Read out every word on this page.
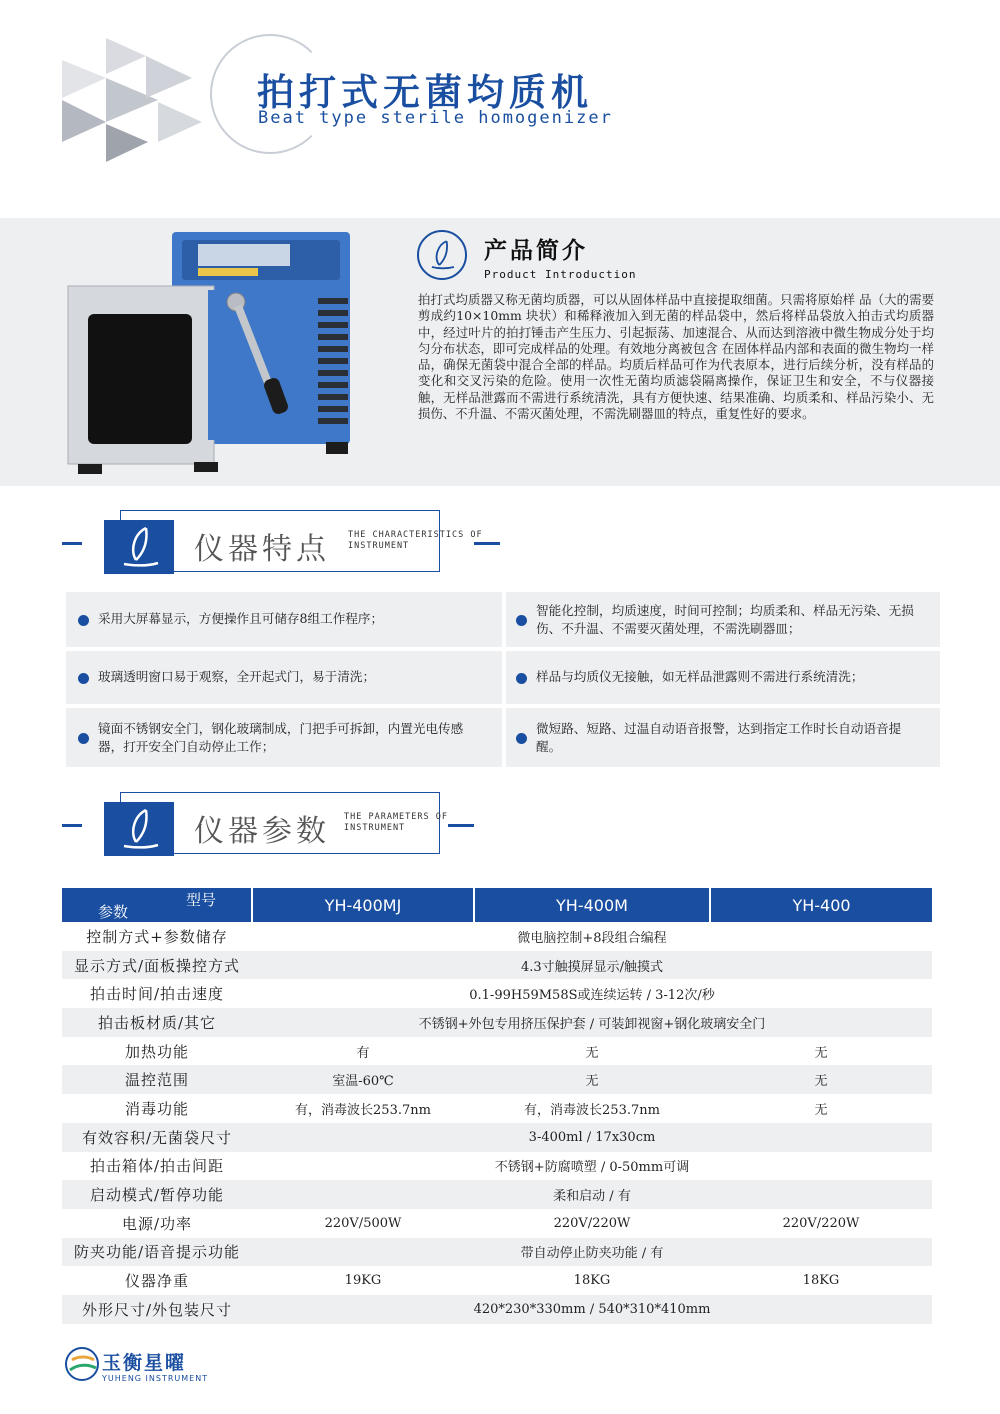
拍打式无菌均质机
Beat type sterile homogenizer
产品简介
Product Introduction
拍打式均质器又称无菌均质器，可以从固体样品中直接提取细菌。只需将原始样 品（大的需要剪成约10×10mm 块状）和稀释液加入到无菌的样品袋中，然后将样品袋放入拍击式均质器中，经过叶片的拍打锤击产生压力、引起振荡、加速混合、从而达到溶液中微生物成分处于均匀分布状态，即可完成样品的处理。有效地分离被包含 在固体样品内部和表面的微生物均一样品，确保无菌袋中混合全部的样品。均质后样品可作为代表原本，进行后续分析，没有样品的变化和交叉污染的危险。使用一次性无菌均质滤袋隔离操作，保证卫生和安全，不与仪器接触，无样品泄露而不需进行系统清洗，具有方便快速、结果准确、均质柔和、样品污染小、无损伤、不升温、不需灭菌处理，不需洗刷器皿的特点，重复性好的要求。
仪器特点 THE CHARACTERISTICS OF
INSTRUMENT
采用大屏幕显示，方便操作且可储存8组工作程序；
智能化控制，均质速度，时间可控制；均质柔和、样品无污染、无损伤、不升温、不需要灭菌处理，不需洗刷器皿；
玻璃透明窗口易于观察，全开起式门，易于清洗；	样品与均质仪无接触，如无样品泄露则不需进行系统清洗；
镜面不锈钢安全门，钢化玻璃制成，门把手可拆卸，内置光电传感器，打开安全门自动停止工作；
微短路、短路、过温自动语音报警，达到指定工作时长自动语音提醒。
仪器参数 THE PARAMETERS OF
INSTRUMENT
型号
参数	YH-400MJ	YH-400M	YH-400
控制方式+参数储存	微电脑控制+8段组合编程		
显示方式/面板操控方式	4.3寸触摸屏显示/触摸式		
拍击时间/拍击速度	0.1-99H59M58S或连续运转 / 3-12次/秒		
拍击板材质/其它	不锈钢+外包专用挤压保护套 / 可装卸视窗+钢化玻璃安全门		
加热功能	有	无	无
温控范围	室温-60℃	无	无
消毒功能	有，消毒波长253.7nm	有，消毒波长253.7nm	无
有效容积/无菌袋尺寸	3-400ml / 17x30cm		
拍击箱体/拍击间距	不锈钢+防腐喷塑 / 0-50mm可调		
启动模式/暂停功能	柔和启动 / 有		
电源/功率	220V/500W	220V/220W	220V/220W
防夹功能/语音提示功能	带自动停止防夹功能 / 有		
仪器净重	19KG	18KG	18KG
外形尺寸/外包装尺寸	420*230*330mm / 540*310*410mm		
玉衡星曜
YUHENG INSTRUMENT
